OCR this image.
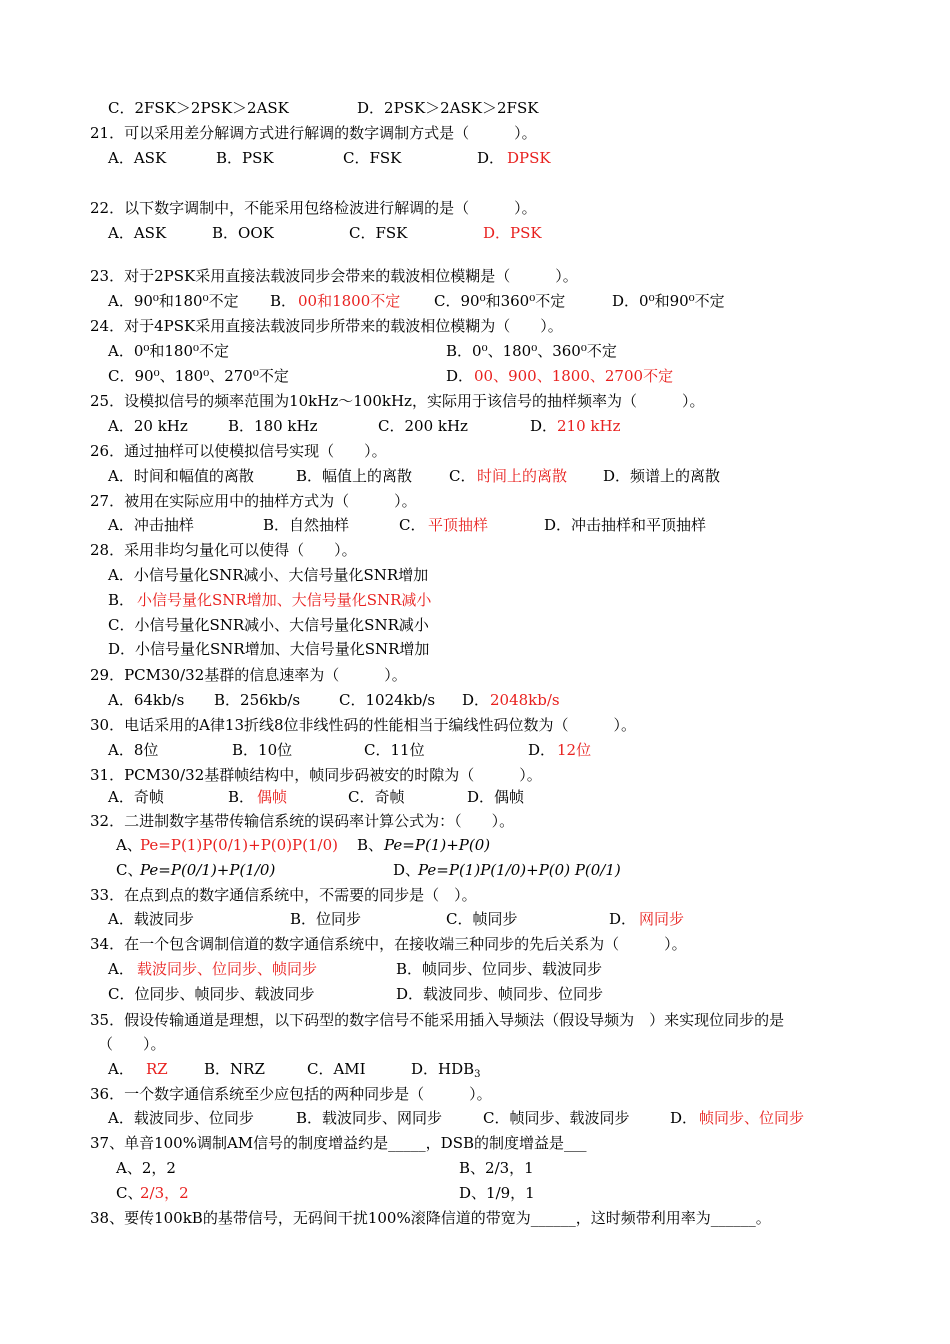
C．2FSK＞2PSK＞2ASK	D．2PSK＞2ASK＞2FSK
21．可以采用差分解调方式进行解调的数字调制方式是（　　　）。
A．ASK	B．PSK	C．FSK	D． DPSK
22．以下数字调制中，不能采用包络检波进行解调的是（　　　）。
A．ASK	B．OOK	C．FSK	D．PSK
23．对于2PSK采用直接法载波同步会带来的载波相位模糊是（　　　）。
A．90⁰和180⁰不定 B． 00和1800不定 C．90⁰和360⁰不定	D．0⁰和90⁰不定
24．对于4PSK采用直接法载波同步所带来的载波相位模糊为（　　）。
A．0⁰和180⁰不定	B．0⁰、180⁰、360⁰不定
C．90⁰、180⁰、270⁰不定	D． 00、900、1800、2700不定
25．设模拟信号的频率范围为10kHz～100kHz，实际用于该信号的抽样频率为（　　　）。
A．20 kHz	B．180 kHz	C．200 kHz	D． 210 kHz
26．通过抽样可以使模拟信号实现（　　）。
A．时间和幅值的离散	B．幅值上的离散 C． 时间上的离散 D．频谱上的离散
27．被用在实际应用中的抽样方式为（　　　）。
A．冲击抽样	B．自然抽样	C． 平顶抽样	D．冲击抽样和平顶抽样
28．采用非均匀量化可以使得（　　）。
A．小信号量化SNR减小、大信号量化SNR增加
B． 小信号量化SNR增加、大信号量化SNR减小
C．小信号量化SNR减小、大信号量化SNR减小
D．小信号量化SNR增加、大信号量化SNR增加
29．PCM30/32基群的信息速率为（　　　）。
A．64kb/s B．256kb/s	C．1024kb/s D． 2048kb/s
30．电话采用的A律13折线8位非线性码的性能相当于编线性码位数为（　　　）。
A．8位	B．10位	C．11位	D． 12位
31．PCM30/32基群帧结构中，帧同步码被安的时隙为（　　　）。
A．奇帧	B． 偶帧	C．奇帧	D．偶帧
32．二进制数字基带传输信系统的误码率计算公式为：（　　）。
A、
Pe=P(1)P(0/1)+P(0)P(1/0) B、 Pe=P(1)+P(0)
C、
Pe=P(0/1)+P(1/0)	D、
Pe=P(1)P(1/0)+P(0) P(0/1)
33．在点到点的数字通信系统中，不需要的同步是（　）。
A．载波同步	B．位同步	C．帧同步	D． 网同步
34．在一个包含调制信道的数字通信系统中，在接收端三种同步的先后关系为（　　　）。
A． 载波同步、位同步、帧同步	B．帧同步、位同步、载波同步
C．位同步、帧同步、载波同步	D．载波同步、帧同步、位同步
35．假设传输通道是理想，以下码型的数字信号不能采用插入导频法（假设导频为　）来实现位同步的是
（　　）。
A． RZ B．NRZ	C．AMI	D．$HDB_3$
36．一个数字通信系统至少应包括的两种同步是（　　　）。
A．载波同步、位同步	B．载波同步、网同步	C．帧同步、载波同步	D． 帧同步、位同步
37、单音100%调制AM信号的制度增益约是_____，DSB的制度增益是___
A、2，2	B、2/3，1
C、
2/3，2	D、1/9，1
38、要传100kB的基带信号，无码间干扰100%滚降信道的带宽为______，这时频带利用率为______。
